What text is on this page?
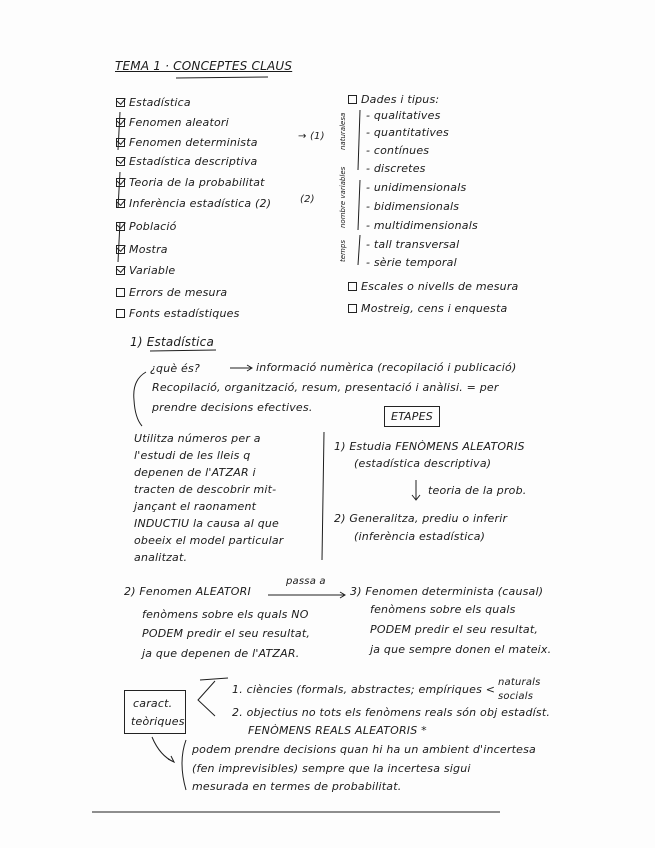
TEMA 1 · CONCEPTES CLAUS
Estadística
Fenomen aleatori
Fenomen determinista
Estadística descriptiva
Teoria de la probabilitat
Inferència estadística (2)
Població
Mostra
Variable
Errors de mesura
Fonts estadístiques
→ (1)
(2)
Dades i tipus:
naturalesa - qualitatives
- quantitatives
- contínues
- discretes
nombre variables - unidimensionals
- bidimensionals
- multidimensionals
temps - tall transversal
- sèrie temporal
Escales o nivells de mesura
Mostreig, cens i enquesta
1) Estadística
¿què és?	informació numèrica (recopilació i publicació)
Recopilació, organització, resum, presentació i anàlisi. = per
prendre decisions efectives.
ETAPES
Utilitza números per a
l'estudi de les lleis q
depenen de l'ATZAR i
tracten de descobrir mit-
jançant el raonament
INDUCTIU la causa al que
obeeix el model particular
analitzat.
1) Estudia FENÒMENS ALEATORIS
(estadística descriptiva)
teoria de la prob.
2) Generalitza, prediu o inferir
(inferència estadística)
2) Fenomen ALEATORI
passa a
3) Fenomen determinista (causal)
fenòmens sobre els quals NO
PODEM predir el seu resultat,
ja que depenen de l'ATZAR.
fenòmens sobre els quals
PODEM predir el seu resultat,
ja que sempre donen el mateix.
caract.
teòriques
1. ciències (formals, abstractes; empíriques <
naturals
socials
2. objectius no tots els fenòmens reals són obj estadíst.
FENÒMENS REALS ALEATORIS *
podem prendre decisions quan hi ha un ambient d'incertesa
(fen imprevisibles) sempre que la incertesa sigui
mesurada en termes de probabilitat.
